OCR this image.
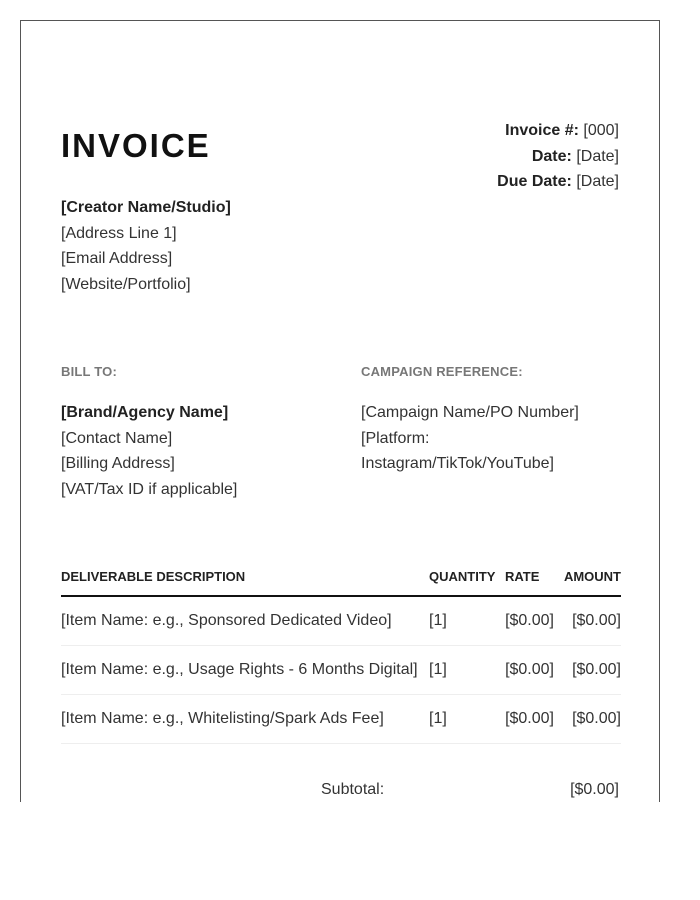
INVOICE	Invoice #: [000]
Date: [Date]
Due Date: [Date]
[Creator Name/Studio]
[Address Line 1]
[Email Address]
[Website/Portfolio]
BILL TO:	CAMPAIGN REFERENCE:
[Brand/Agency Name]
[Contact Name]
[Billing Address]
[VAT/Tax ID if applicable]
[Campaign Name/PO Number]
[Platform:
Instagram/TikTok/YouTube]
DELIVERABLE DESCRIPTION	QUANTITY RATE AMOUNT
[Item Name: e.g., Sponsored Dedicated Video] [1]	[$0.00] [$0.00]
[Item Name: e.g., Usage Rights - 6 Months Digital] [1]	[$0.00] [$0.00]
[Item Name: e.g., Whitelisting/Spark Ads Fee]	[1]	[$0.00] [$0.00]
Subtotal:	[$0.00]
